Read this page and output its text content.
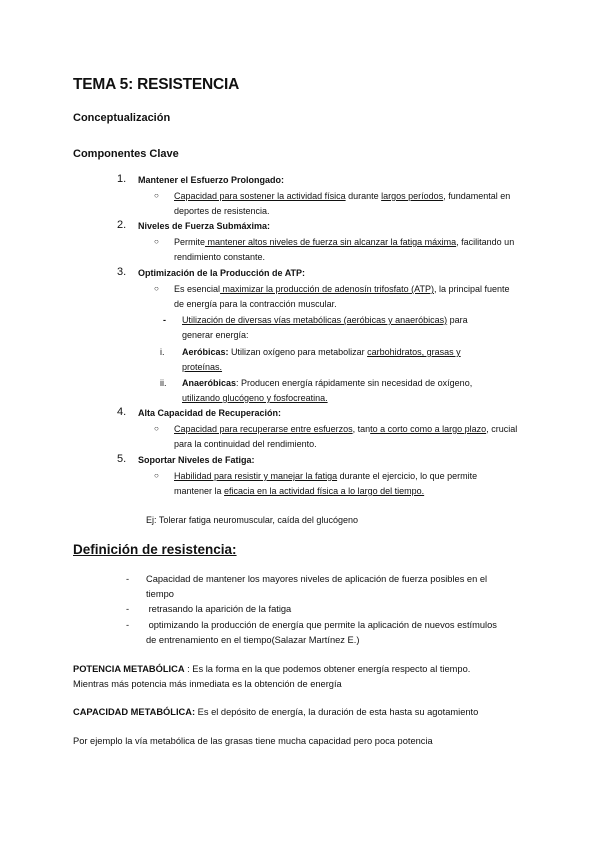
TEMA 5: RESISTENCIA
Conceptualización
Componentes Clave
1. Mantener el Esfuerzo Prolongado:
○ Capacidad para sostener la actividad física durante largos períodos, fundamental en
deportes de resistencia.
2. Niveles de Fuerza Submáxima:
○ Permite mantener altos niveles de fuerza sin alcanzar la fatiga máxima, facilitando un
rendimiento constante.
3. Optimización de la Producción de ATP:
○ Es esencial maximizar la producción de adenosín trifosfato (ATP), la principal fuente
de energía para la contracción muscular.
- Utilización de diversas vías metabólicas (aeróbicas y anaeróbicas) para
generar energía:
i. Aeróbicas: Utilizan oxígeno para metabolizar carbohidratos, grasas y
proteínas.
ii. Anaeróbicas: Producen energía rápidamente sin necesidad de oxígeno,
utilizando glucógeno y fosfocreatina.
4. Alta Capacidad de Recuperación:
○ Capacidad para recuperarse entre esfuerzos, tanto a corto como a largo plazo, crucial
para la continuidad del rendimiento.
5. Soportar Niveles de Fatiga:
○ Habilidad para resistir y manejar la fatiga durante el ejercicio, lo que permite
mantener la eficacia en la actividad física a lo largo del tiempo.
Ej: Tolerar fatiga neuromuscular, caída del glucógeno
Definición de resistencia:
- Capacidad de mantener los mayores niveles de aplicación de fuerza posibles en el
tiempo
- retrasando la aparición de la fatiga
- optimizando la producción de energía que permite la aplicación de nuevos estímulos
de entrenamiento en el tiempo(Salazar Martínez E.)
POTENCIA METABÓLICA : Es la forma en la que podemos obtener energía respecto al tiempo.
Mientras más potencia más inmediata es la obtención de energía
CAPACIDAD METABÓLICA: Es el depósito de energía, la duración de esta hasta su agotamiento
Por ejemplo la vía metabólica de las grasas tiene mucha capacidad pero poca potencia
